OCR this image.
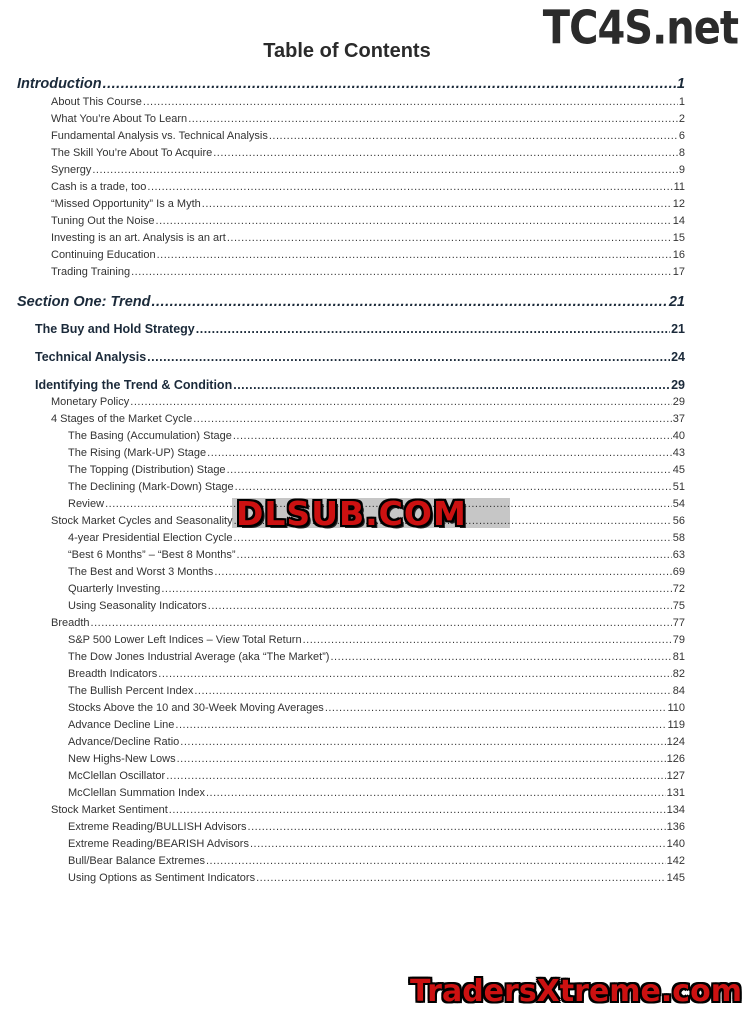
TC4S.net
Table of Contents
Introduction .....	1
About This Course .....	1
What You’re About To Learn .....	2
Fundamental Analysis vs. Technical Analysis .....	6
The Skill You’re About To Acquire .....	8
Synergy .....	9
Cash is a trade, too .....	11
“Missed Opportunity” Is a Myth .....	12
Tuning Out the Noise .....	14
Investing is an art. Analysis is an art .....	15
Continuing Education .....	16
Trading Training .....	17
Section One: Trend .....	21
The Buy and Hold Strategy .....	21
Technical Analysis .....	24
Identifying the Trend & Condition .....	29
Monetary Policy .....	29
4 Stages of the Market Cycle .....	37
The Basing (Accumulation) Stage .....	40
The Rising (Mark-UP) Stage .....	43
The Topping (Distribution) Stage .....	45
The Declining (Mark-Down) Stage .....	51
Review .....	54
Stock Market Cycles and Seasonality .....	56
4-year Presidential Election Cycle .....	58
“Best 6 Months” – “Best 8 Months” .....	63
The Best and Worst 3 Months .....	69
Quarterly Investing .....	72
Using Seasonality Indicators .....	75
Breadth .....	77
S&P 500 Lower Left Indices – View Total Return .....	79
The Dow Jones Industrial Average (aka “The Market”) .....	81
Breadth Indicators .....	82
The Bullish Percent Index .....	84
Stocks Above the 10 and 30-Week Moving Averages .....	110
Advance Decline Line .....	119
Advance/Decline Ratio .....	124
New Highs-New Lows .....	126
McClellan Oscillator .....	127
McClellan Summation Index .....	131
Stock Market Sentiment .....	134
Extreme Reading/BULLISH Advisors .....	136
Extreme Reading/BEARISH Advisors .....	140
Bull/Bear Balance Extremes .....	142
Using Options as Sentiment Indicators .....	145
DLSUB.COM
TradersXtreme.com
